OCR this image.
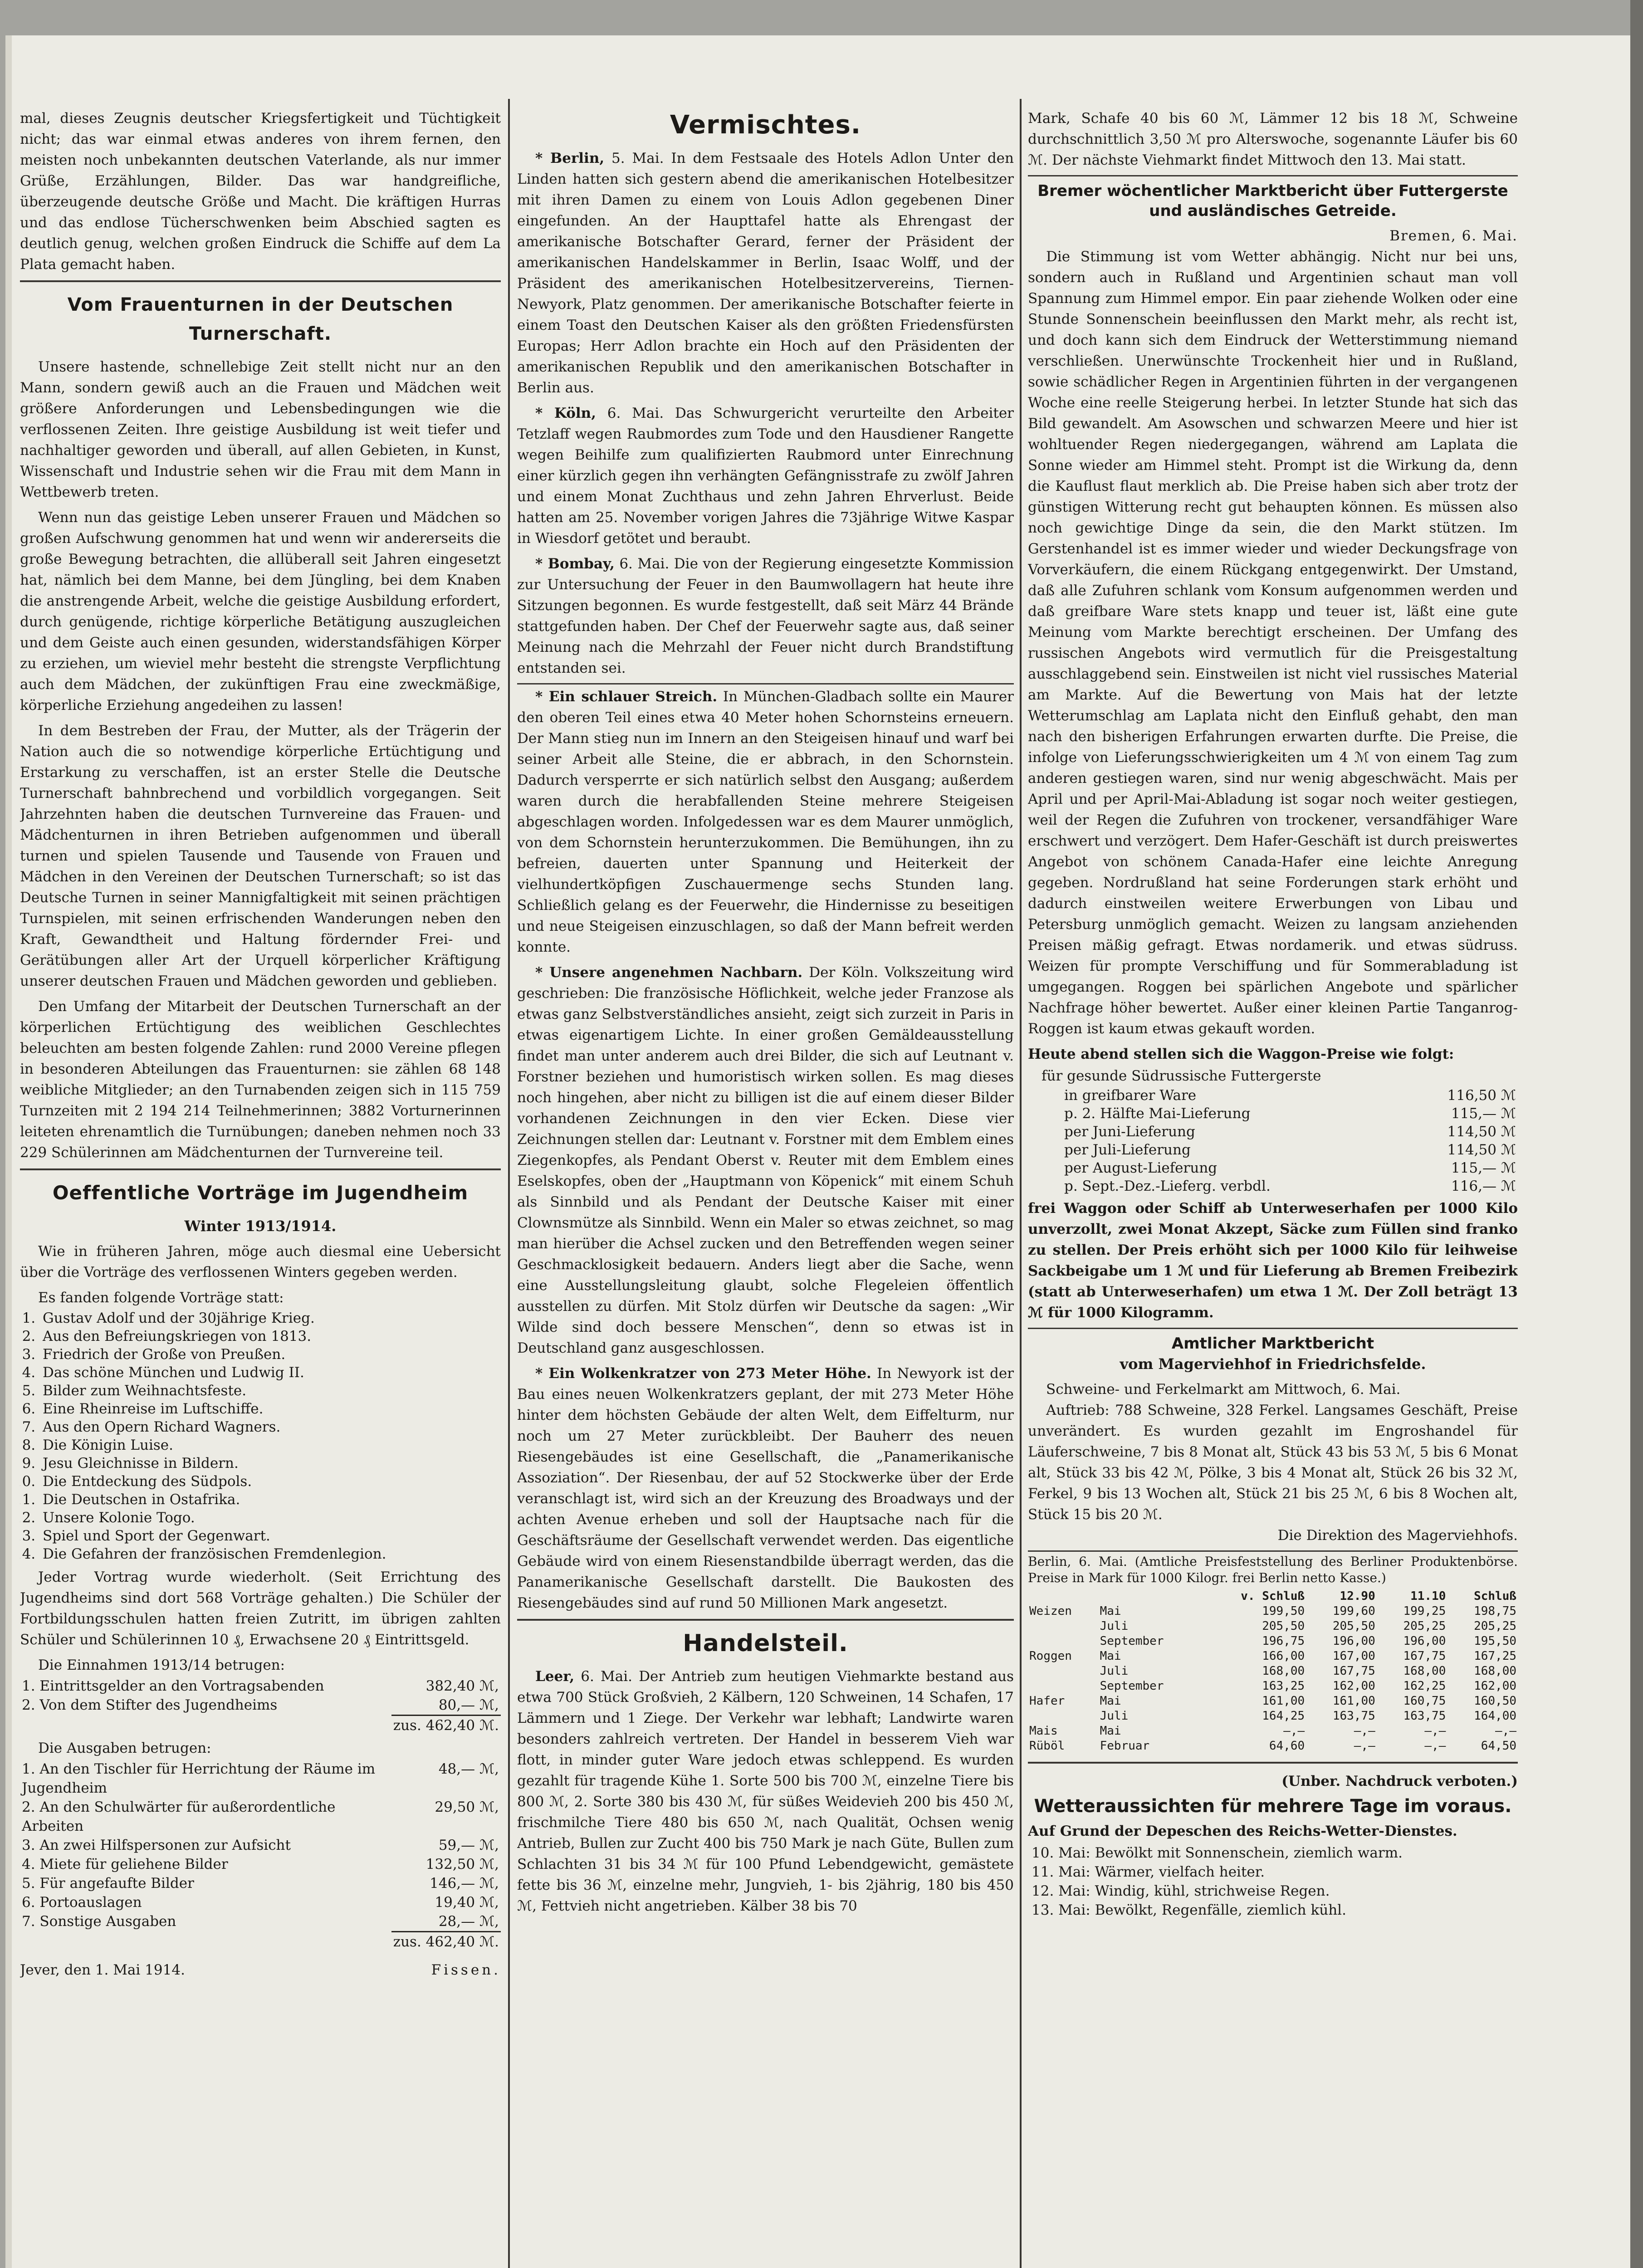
mal, dieses Zeugnis deutscher Kriegsfertigkeit und Tüchtigkeit nicht; das war einmal etwas anderes von ihrem fernen, den meisten noch unbekannten deutschen Vaterlande, als nur immer Grüße, Erzählungen, Bilder. Das war handgreifliche, überzeugende deutsche Größe und Macht. Die kräftigen Hurras und das endlose Tücherschwenken beim Abschied sagten es deutlich genug, welchen großen Eindruck die Schiffe auf dem La Plata gemacht haben.

Vom Frauenturnen in der Deutschen Turnerschaft.

Unsere hastende, schnellebige Zeit stellt nicht nur an den Mann, sondern gewiß auch an die Frauen und Mädchen weit größere Anforderungen und Lebensbedingungen wie die verflossenen Zeiten. Ihre geistige Ausbildung ist weit tiefer und nachhaltiger geworden und überall, auf allen Gebieten, in Kunst, Wissenschaft und Industrie sehen wir die Frau mit dem Mann in Wettbewerb treten.

Wenn nun das geistige Leben unserer Frauen und Mädchen so großen Aufschwung genommen hat und wenn wir andererseits die große Bewegung betrachten, die allüberall seit Jahren eingesetzt hat, nämlich bei dem Manne, bei dem Jüngling, bei dem Knaben die anstrengende Arbeit, welche die geistige Ausbildung erfordert, durch genügende, richtige körperliche Betätigung auszugleichen und dem Geiste auch einen gesunden, widerstandsfähigen Körper zu erziehen, um wieviel mehr besteht die strengste Verpflichtung auch dem Mädchen, der zukünftigen Frau eine zweckmäßige, körperliche Erziehung angedeihen zu lassen!

In dem Bestreben der Frau, der Mutter, als der Trägerin der Nation auch die so notwendige körperliche Ertüchtigung und Erstarkung zu verschaffen, ist an erster Stelle die Deutsche Turnerschaft bahnbrechend und vorbildlich vorgegangen. Seit Jahrzehnten haben die deutschen Turnvereine das Frauen- und Mädchenturnen in ihren Betrieben aufgenommen und überall turnen und spielen Tausende und Tausende von Frauen und Mädchen in den Vereinen der Deutschen Turnerschaft; so ist das Deutsche Turnen in seiner Mannigfaltigkeit mit seinen prächtigen Turnspielen, mit seinen erfrischenden Wanderungen neben den Kraft, Gewandtheit und Haltung fördernder Frei- und Gerätübungen aller Art der Urquell körperlicher Kräftigung unserer deutschen Frauen und Mädchen geworden und geblieben.

Den Umfang der Mitarbeit der Deutschen Turnerschaft an der körperlichen Ertüchtigung des weiblichen Geschlechtes beleuchten am besten folgende Zahlen: rund 2000 Vereine pflegen in besonderen Abteilungen das Frauenturnen: sie zählen 68 148 weibliche Mitglieder; an den Turnabenden zeigen sich in 115 759 Turnzeiten mit 2 194 214 Teilnehmerinnen; 3882 Vorturnerinnen leiteten ehrenamtlich die Turnübungen; daneben nehmen noch 33 229 Schülerinnen am Mädchenturnen der Turnvereine teil.

Oeffentliche Vorträge im Jugendheim
Winter 1913/1914.

Wie in früheren Jahren, möge auch diesmal eine Uebersicht über die Vorträge des verflossenen Winters gegeben werden.

Es fanden folgende Vorträge statt:

1. Gustav Adolf und der 30jährige Krieg.
2. Aus den Befreiungskriegen von 1813.
3. Friedrich der Große von Preußen.
4. Das schöne München und Ludwig II.
5. Bilder zum Weihnachtsfeste.
6. Eine Rheinreise im Luftschiffe.
7. Aus den Opern Richard Wagners.
8. Die Königin Luise.
9. Jesu Gleichnisse in Bildern.
10. Die Entdeckung des Südpols.
11. Die Deutschen in Ostafrika.
12. Unsere Kolonie Togo.
13. Spiel und Sport der Gegenwart.
14. Die Gefahren der französischen Fremdenlegion.

Jeder Vortrag wurde wiederholt. (Seit Errichtung des Jugendheims sind dort 568 Vorträge gehalten.) Die Schüler der Fortbildungsschulen hatten freien Zutritt, im übrigen zahlten Schüler und Schülerinnen 10 ₰, Erwachsene 20 ₰ Eintrittsgeld.

Die Einnahmen 1913/14 betrugen:

1. Eintrittsgelder an den Vortragsabenden	382,40 ℳ,
2. Von dem Stifter des Jugendheims	80,— ℳ,
	zus. 462,40 ℳ.

Die Ausgaben betrugen:

1. An den Tischler für Herrichtung der Räume im Jugendheim	48,— ℳ,
2. An den Schulwärter für außerordentliche Arbeiten	29,50 ℳ,
3. An zwei Hilfspersonen zur Aufsicht	59,— ℳ,
4. Miete für geliehene Bilder	132,50 ℳ,
5. Für angefaufte Bilder	146,— ℳ,
6. Portoauslagen	19,40 ℳ,
7. Sonstige Ausgaben	28,— ℳ,
	zus. 462,40 ℳ.
Jever, den 1. Mai 1914.	Fissen.
Vermischtes.

* Berlin, 5. Mai. In dem Festsaale des Hotels Adlon Unter den Linden hatten sich gestern abend die amerikanischen Hotelbesitzer mit ihren Damen zu einem von Louis Adlon gegebenen Diner eingefunden. An der Haupttafel hatte als Ehrengast der amerikanische Botschafter Gerard, ferner der Präsident der amerikanischen Handelskammer in Berlin, Isaac Wolff, und der Präsident des amerikanischen Hotelbesitzervereins, Tiernen-Newyork, Platz genommen. Der amerikanische Botschafter feierte in einem Toast den Deutschen Kaiser als den größten Friedensfürsten Europas; Herr Adlon brachte ein Hoch auf den Präsidenten der amerikanischen Republik und den amerikanischen Botschafter in Berlin aus.

* Köln, 6. Mai. Das Schwurgericht verurteilte den Arbeiter Tetzlaff wegen Raubmordes zum Tode und den Hausdiener Rangette wegen Beihilfe zum qualifizierten Raubmord unter Einrechnung einer kürzlich gegen ihn verhängten Gefängnisstrafe zu zwölf Jahren und einem Monat Zuchthaus und zehn Jahren Ehrverlust. Beide hatten am 25. November vorigen Jahres die 73jährige Witwe Kaspar in Wiesdorf getötet und beraubt.

* Bombay, 6. Mai. Die von der Regierung eingesetzte Kommission zur Untersuchung der Feuer in den Baumwollagern hat heute ihre Sitzungen begonnen. Es wurde festgestellt, daß seit März 44 Brände stattgefunden haben. Der Chef der Feuerwehr sagte aus, daß seiner Meinung nach die Mehrzahl der Feuer nicht durch Brandstiftung entstanden sei.

* Ein schlauer Streich. In München-Gladbach sollte ein Maurer den oberen Teil eines etwa 40 Meter hohen Schornsteins erneuern. Der Mann stieg nun im Innern an den Steigeisen hinauf und warf bei seiner Arbeit alle Steine, die er abbrach, in den Schornstein. Dadurch versperrte er sich natürlich selbst den Ausgang; außerdem waren durch die herabfallenden Steine mehrere Steigeisen abgeschlagen worden. Infolgedessen war es dem Maurer unmöglich, von dem Schornstein herunterzukommen. Die Bemühungen, ihn zu befreien, dauerten unter Spannung und Heiterkeit der vielhundertköpfigen Zuschauermenge sechs Stunden lang. Schließlich gelang es der Feuerwehr, die Hindernisse zu beseitigen und neue Steigeisen einzuschlagen, so daß der Mann befreit werden konnte.

* Unsere angenehmen Nachbarn. Der Köln. Volkszeitung wird geschrieben: Die französische Höflichkeit, welche jeder Franzose als etwas ganz Selbstverständliches ansieht, zeigt sich zurzeit in Paris in etwas eigenartigem Lichte. In einer großen Gemäldeausstellung findet man unter anderem auch drei Bilder, die sich auf Leutnant v. Forstner beziehen und humoristisch wirken sollen. Es mag dieses noch hingehen, aber nicht zu billigen ist die auf einem dieser Bilder vorhandenen Zeichnungen in den vier Ecken. Diese vier Zeichnungen stellen dar: Leutnant v. Forstner mit dem Emblem eines Ziegenkopfes, als Pendant Oberst v. Reuter mit dem Emblem eines Eselskopfes, oben der „Hauptmann von Köpenick“ mit einem Schuh als Sinnbild und als Pendant der Deutsche Kaiser mit einer Clownsmütze als Sinnbild. Wenn ein Maler so etwas zeichnet, so mag man hierüber die Achsel zucken und den Betreffenden wegen seiner Geschmacklosigkeit bedauern. Anders liegt aber die Sache, wenn eine Ausstellungsleitung glaubt, solche Flegeleien öffentlich ausstellen zu dürfen. Mit Stolz dürfen wir Deutsche da sagen: „Wir Wilde sind doch bessere Menschen“, denn so etwas ist in Deutschland ganz ausgeschlossen.

* Ein Wolkenkratzer von 273 Meter Höhe. In Newyork ist der Bau eines neuen Wolkenkratzers geplant, der mit 273 Meter Höhe hinter dem höchsten Gebäude der alten Welt, dem Eiffelturm, nur noch um 27 Meter zurückbleibt. Der Bauherr des neuen Riesengebäudes ist eine Gesellschaft, die „Panamerikanische Assoziation“. Der Riesenbau, der auf 52 Stockwerke über der Erde veranschlagt ist, wird sich an der Kreuzung des Broadways und der achten Avenue erheben und soll der Hauptsache nach für die Geschäftsräume der Gesellschaft verwendet werden. Das eigentliche Gebäude wird von einem Riesenstandbilde überragt werden, das die Panamerikanische Gesellschaft darstellt. Die Baukosten des Riesengebäudes sind auf rund 50 Millionen Mark angesetzt.

Handelsteil.

Leer, 6. Mai. Der Antrieb zum heutigen Viehmarkte bestand aus etwa 700 Stück Großvieh, 2 Kälbern, 120 Schweinen, 14 Schafen, 17 Lämmern und 1 Ziege. Der Verkehr war lebhaft; Landwirte waren besonders zahlreich vertreten. Der Handel in besserem Vieh war flott, in minder guter Ware jedoch etwas schleppend. Es wurden gezahlt für tragende Kühe 1. Sorte 500 bis 700 ℳ, einzelne Tiere bis 800 ℳ, 2. Sorte 380 bis 430 ℳ, für süßes Weidevieh 200 bis 450 ℳ, frischmilche Tiere 480 bis 650 ℳ, nach Qualität, Ochsen wenig Antrieb, Bullen zur Zucht 400 bis 750 Mark je nach Güte, Bullen zum Schlachten 31 bis 34 ℳ für 100 Pfund Lebendgewicht, gemästete fette bis 36 ℳ, einzelne mehr, Jungvieh, 1- bis 2jährig, 180 bis 450 ℳ, Fettvieh nicht angetrieben. Kälber 38 bis 70

Mark, Schafe 40 bis 60 ℳ, Lämmer 12 bis 18 ℳ, Schweine durchschnittlich 3,50 ℳ pro Alterswoche, sogenannte Läufer bis 60 ℳ. Der nächste Viehmarkt findet Mittwoch den 13. Mai statt.

Bremer wöchentlicher Marktbericht über Futtergerste und ausländisches Getreide.
Bremen, 6. Mai.

Die Stimmung ist vom Wetter abhängig. Nicht nur bei uns, sondern auch in Rußland und Argentinien schaut man voll Spannung zum Himmel empor. Ein paar ziehende Wolken oder eine Stunde Sonnenschein beeinflussen den Markt mehr, als recht ist, und doch kann sich dem Eindruck der Wetterstimmung niemand verschließen. Unerwünschte Trockenheit hier und in Rußland, sowie schädlicher Regen in Argentinien führten in der vergangenen Woche eine reelle Steigerung herbei. In letzter Stunde hat sich das Bild gewandelt. Am Asowschen und schwarzen Meere und hier ist wohltuender Regen niedergegangen, während am Laplata die Sonne wieder am Himmel steht. Prompt ist die Wirkung da, denn die Kauflust flaut merklich ab. Die Preise haben sich aber trotz der günstigen Witterung recht gut behaupten können. Es müssen also noch gewichtige Dinge da sein, die den Markt stützen. Im Gerstenhandel ist es immer wieder und wieder Deckungsfrage von Vorverkäufern, die einem Rückgang entgegenwirkt. Der Umstand, daß alle Zufuhren schlank vom Konsum aufgenommen werden und daß greifbare Ware stets knapp und teuer ist, läßt eine gute Meinung vom Markte berechtigt erscheinen. Der Umfang des russischen Angebots wird vermutlich für die Preisgestaltung ausschlaggebend sein. Einstweilen ist nicht viel russisches Material am Markte. Auf die Bewertung von Mais hat der letzte Wetterumschlag am Laplata nicht den Einfluß gehabt, den man nach den bisherigen Erfahrungen erwarten durfte. Die Preise, die infolge von Lieferungsschwierigkeiten um 4 ℳ von einem Tag zum anderen gestiegen waren, sind nur wenig abgeschwächt. Mais per April und per April-Mai-Abladung ist sogar noch weiter gestiegen, weil der Regen die Zufuhren von trockener, versandfähiger Ware erschwert und verzögert. Dem Hafer-Geschäft ist durch preiswertes Angebot von schönem Canada-Hafer eine leichte Anregung gegeben. Nordrußland hat seine Forderungen stark erhöht und dadurch einstweilen weitere Erwerbungen von Libau und Petersburg unmöglich gemacht. Weizen zu langsam anziehenden Preisen mäßig gefragt. Etwas nordamerik. und etwas südruss. Weizen für prompte Verschiffung und für Sommerabladung ist umgegangen. Roggen bei spärlichen Angebote und spärlicher Nachfrage höher bewertet. Außer einer kleinen Partie Tanganrog-Roggen ist kaum etwas gekauft worden.

Heute abend stellen sich die Waggon-Preise wie folgt:

für gesunde Südrussische Futtergerste

in greifbarer Ware	116,50 ℳ
p. 2. Hälfte Mai-Lieferung	115,— ℳ
per Juni-Lieferung	114,50 ℳ
per Juli-Lieferung	114,50 ℳ
per August-Lieferung	115,— ℳ
p. Sept.-Dez.-Lieferg. verbdl.	116,— ℳ

frei Waggon oder Schiff ab Unterweserhafen per 1000 Kilo unverzollt, zwei Monat Akzept, Säcke zum Füllen sind franko zu stellen. Der Preis erhöht sich per 1000 Kilo für leihweise Sackbeigabe um 1 ℳ und für Lieferung ab Bremen Freibezirk (statt ab Unterweserhafen) um etwa 1 ℳ. Der Zoll beträgt 13 ℳ für 1000 Kilogramm.

Amtlicher Marktbericht
vom Magerviehhof in Friedrichsfelde.

Schweine- und Ferkelmarkt am Mittwoch, 6. Mai.

Auftrieb: 788 Schweine, 328 Ferkel. Langsames Geschäft, Preise unverändert. Es wurden gezahlt im Engroshandel für Läuferschweine, 7 bis 8 Monat alt, Stück 43 bis 53 ℳ, 5 bis 6 Monat alt, Stück 33 bis 42 ℳ, Pölke, 3 bis 4 Monat alt, Stück 26 bis 32 ℳ, Ferkel, 9 bis 13 Wochen alt, Stück 21 bis 25 ℳ, 6 bis 8 Wochen alt, Stück 15 bis 20 ℳ.

Die Direktion des Magerviehhofs.

Berlin, 6. Mai. (Amtliche Preisfeststellung des Berliner Produktenbörse. Preise in Mark für 1000 Kilogr. frei Berlin netto Kasse.)

		v. Schluß	12.90	11.10	Schluß
Weizen	Mai	199,50	199,60	199,25	198,75
	Juli	205,50	205,50	205,25	205,25
	September	196,75	196,00	196,00	195,50
Roggen	Mai	166,00	167,00	167,75	167,25
	Juli	168,00	167,75	168,00	168,00
	September	163,25	162,00	162,25	162,00
Hafer	Mai	161,00	161,00	160,75	160,50
	Juli	164,25	163,75	163,75	164,00
Mais	Mai	—,—	—,—	—,—	—,—
Rüböl	Februar	64,60	—,—	—,—	64,50

(Unber. Nachdruck verboten.)

Wetteraussichten für mehrere Tage im voraus.

Auf Grund der Depeschen des Reichs-Wetter-Dienstes.

10. Mai: Bewölkt mit Sonnenschein, ziemlich warm.
11. Mai: Wärmer, vielfach heiter.
12. Mai: Windig, kühl, strichweise Regen.
13. Mai: Bewölkt, Regenfälle, ziemlich kühl.
